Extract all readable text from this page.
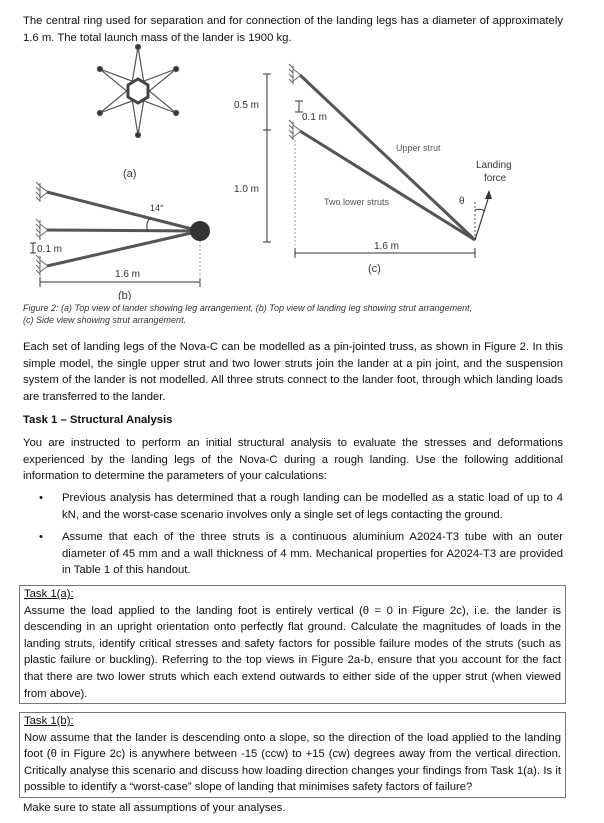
The central ring used for separation and for connection of the landing legs has a diameter of approximately 1.6 m. The total launch mass of the lander is 1900 kg.

(a)
14°
0.1 m
1.6 m
(b)
0.5 m
1.0 m
0.1 m
θ
Upper strut
Two lower struts
Landing
force
1.6 m
(c)
Figure 2: (a) Top view of lander showing leg arrangement, (b) Top view of landing leg showing strut arrangement,
(c) Side view showing strut arrangement.

Each set of landing legs of the Nova-C can be modelled as a pin-jointed truss, as shown in Figure 2. In this simple model, the single upper strut and two lower struts join the lander at a pin joint, and the suspension system of the lander is not modelled. All three struts connect to the lander foot, through which landing loads are transferred to the lander.

Task 1 – Structural Analysis

You are instructed to perform an initial structural analysis to evaluate the stresses and deformations experienced by the landing legs of the Nova-C during a rough landing. Use the following additional information to determine the parameters of your calculations:

• Previous analysis has determined that a rough landing can be modelled as a static load of up to 4 kN, and the worst-case scenario involves only a single set of legs contacting the ground.
• Assume that each of the three struts is a continuous aluminium A2024-T3 tube with an outer diameter of 45 mm and a wall thickness of 4 mm. Mechanical properties for A2024-T3 are provided in Table 1 of this handout.
Task 1(a):
Assume the load applied to the landing foot is entirely vertical (θ = 0 in Figure 2c), i.e. the lander is descending in an upright orientation onto perfectly flat ground. Calculate the magnitudes of loads in the landing struts, identify critical stresses and safety factors for possible failure modes of the struts (such as plastic failure or buckling). Referring to the top views in Figure 2a-b, ensure that you account for the fact that there are two lower struts which each extend outwards to either side of the upper strut (when viewed from above).
Task 1(b):
Now assume that the lander is descending onto a slope, so the direction of the load applied to the landing foot (θ in Figure 2c) is anywhere between -15 (ccw) to +15 (cw) degrees away from the vertical direction. Critically analyse this scenario and discuss how loading direction changes your findings from Task 1(a). Is it possible to identify a “worst-case” slope of landing that minimises safety factors of failure?

Make sure to state all assumptions of your analyses.
